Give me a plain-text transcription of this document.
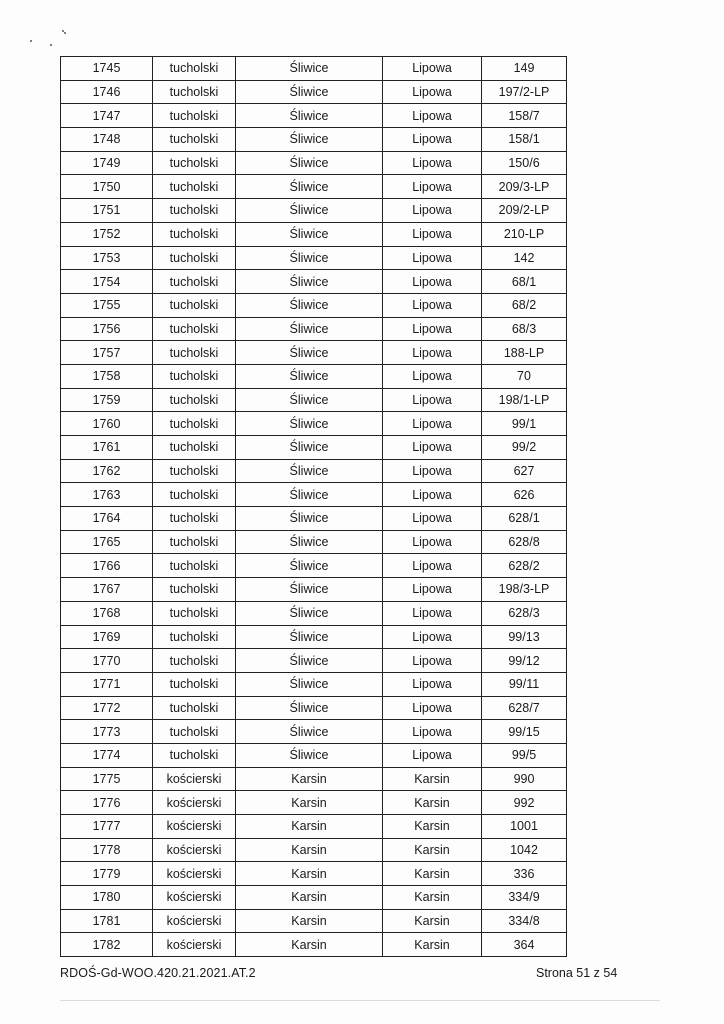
1745	tucholski	Śliwice	Lipowa	149
1746	tucholski	Śliwice	Lipowa	197/2-LP
1747	tucholski	Śliwice	Lipowa	158/7
1748	tucholski	Śliwice	Lipowa	158/1
1749	tucholski	Śliwice	Lipowa	150/6
1750	tucholski	Śliwice	Lipowa	209/3-LP
1751	tucholski	Śliwice	Lipowa	209/2-LP
1752	tucholski	Śliwice	Lipowa	210-LP
1753	tucholski	Śliwice	Lipowa	142
1754	tucholski	Śliwice	Lipowa	68/1
1755	tucholski	Śliwice	Lipowa	68/2
1756	tucholski	Śliwice	Lipowa	68/3
1757	tucholski	Śliwice	Lipowa	188-LP
1758	tucholski	Śliwice	Lipowa	70
1759	tucholski	Śliwice	Lipowa	198/1-LP
1760	tucholski	Śliwice	Lipowa	99/1
1761	tucholski	Śliwice	Lipowa	99/2
1762	tucholski	Śliwice	Lipowa	627
1763	tucholski	Śliwice	Lipowa	626
1764	tucholski	Śliwice	Lipowa	628/1
1765	tucholski	Śliwice	Lipowa	628/8
1766	tucholski	Śliwice	Lipowa	628/2
1767	tucholski	Śliwice	Lipowa	198/3-LP
1768	tucholski	Śliwice	Lipowa	628/3
1769	tucholski	Śliwice	Lipowa	99/13
1770	tucholski	Śliwice	Lipowa	99/12
1771	tucholski	Śliwice	Lipowa	99/11
1772	tucholski	Śliwice	Lipowa	628/7
1773	tucholski	Śliwice	Lipowa	99/15
1774	tucholski	Śliwice	Lipowa	99/5
1775	kościerski	Karsin	Karsin	990
1776	kościerski	Karsin	Karsin	992
1777	kościerski	Karsin	Karsin	1001
1778	kościerski	Karsin	Karsin	1042
1779	kościerski	Karsin	Karsin	336
1780	kościerski	Karsin	Karsin	334/9
1781	kościerski	Karsin	Karsin	334/8
1782	kościerski	Karsin	Karsin	364
RDOŚ-Gd-WOO.420.21.2021.AT.2	Strona 51 z 54
